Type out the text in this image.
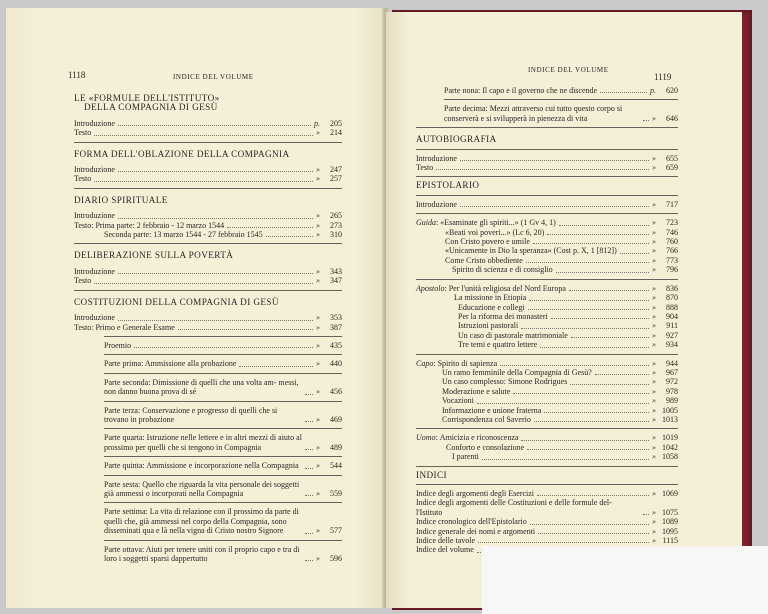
1118	INDICE DEL VOLUME
LE «FORMULE DELL'ISTITUTO»
DELLA COMPAGNIA DI GESÙ
Introduzione	p.	205
Testo	»	214
FORMA DELL'OBLAZIONE DELLA COMPAGNIA
Introduzione	»	247
Testo	»	257
DIARIO SPIRITUALE
Introduzione	»	265
Testo: Prima parte: 2 febbraio - 12 marzo 1544	»	273
Seconda parte: 13 marzo 1544 - 27 febbraio 1545	»	310
DELIBERAZIONE SULLA POVERTÀ
Introduzione	»	343
Testo	»	347
COSTITUZIONI DELLA COMPAGNIA DI GESÙ
Introduzione	»	353
Testo: Primo e Generale Esame	»	387
Proemio	»	435
Parte prima: Ammissione alla probazione	»	440
Parte seconda: Dimissione di quelli che una volta am- messi, non danno buona prova di sé	»	456
Parte terza: Conservazione e progresso di quelli che si trovano in probazione	»	469
Parte quarta: Istruzione nelle lettere e in altri mezzi di aiuto al prossimo per quelli che si tengono in Compagnia	»	489
Parte quinta: Ammissione e incorporazione nella Compagnia	»	544
Parte sesta: Quello che riguarda la vita personale dei soggetti già ammessi o incorporati nella Compagnia	»	559
Parte settima: La vita di relazione con il prossimo da parte di quelli che, già ammessi nel corpo della Compagnia, sono disseminati qua e là nella vigna di Cristo nostro Signore	»	577
Parte ottava: Aiuti per tenere uniti con il proprio capo e tra di loro i soggetti sparsi dappertutto	»	596
INDICE DEL VOLUME
1119
Parte nona: Il capo e il governo che ne discende	p.	620
Parte decima: Mezzi attraverso cui tutto questo corpo si conserverà e si svilupperà in pienezza di vita	»	646
AUTOBIOGRAFIA
Introduzione	»	655
Testo	»	659
EPISTOLARIO
Introduzione	»	717
Guida : «Esaminate gli spiriti...» (1 Gv 4, 1)	»	723
«Beati voi poveri...» (Lc 6, 20)	»	746
Con Cristo povero e umile	»	760
«Unicamente in Dio la speranza» (Cost p. X, 1 [812])	»	766
Come Cristo obbediente	»	773
Spirito di scienza e di consiglio	»	796
Apostolo : Per l'unità religiosa del Nord Europa	»	836
La missione in Etiopia	»	870
Educazione e collegi	»	888
Per la riforma dei monasteri	»	904
Istruzioni pastorali	»	911
Un caso di pastorale matrimoniale	»	927
Tre temi e quattro lettere	»	934
Capo : Spirito di sapienza	»	944
Un ramo femminile della Compagnia di Gesù?	»	967
Un caso complesso: Simone Rodrigues	»	972
Moderazione e salute	»	978
Vocazioni	»	989
Informazione e unione fraterna	» 1005
Corrispondenza col Saverio	» 1013
Uomo : Amicizia e riconoscenza	» 1019
Conforto e consolazione	» 1042
I parenti	» 1058
INDICI
Indice degli argomenti degli Esercizi	» 1069
Indice degli argomenti delle Costituzioni e delle formule del- l'Istituto	» 1075
Indice cronologico dell'Epistolario	» 1089
Indice generale dei nomi e argomenti	» 1095
Indice delle tavole	» 1115
Indice del volume
